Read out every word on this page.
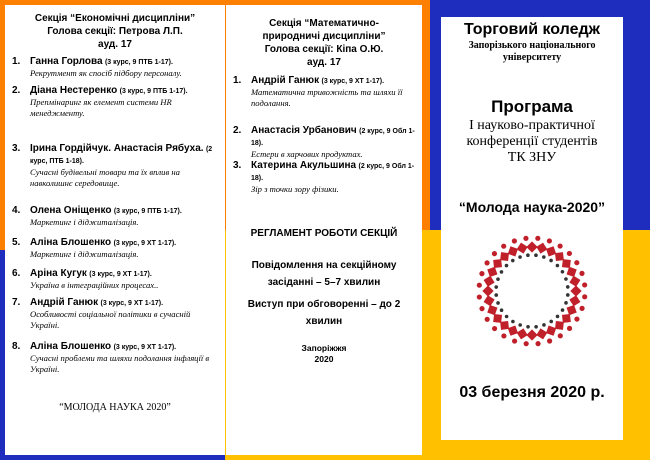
Секція “Економічні дисципліни”
Голова секції: Петрова Л.П.
ауд. 17
1. Ганна Горлова (3 курс, 9 ПТБ 1-17).
Рекрутмент як спосіб підбору персоналу.
2. Діана Нестеренко (3 курс, 9 ПТБ 1-17).
Препмінаринг як елемент системи HR менеджменту.
3. Ірина Гордійчук. Анастасія Рябуха. (2 курс, ПТБ 1-18).
Сучасні будівельні товари та їх вплив на навколишнє середовище.
4. Олена Оніщенко (3 курс, 9 ПТБ 1-17).
Маркетинг і діджиталізація.
5. Аліна Блошенко (3 курс, 9 ХТ 1-17).
Маркетинг і діджиталізація.
6. Аріна Кугук (3 курс, 9 ХТ 1-17).
Україна в інтеграційних процесах..
7. Андрій Ганюк (3 курс, 9 ХТ 1-17).
Особливості соціальної політики в сучасній Україні.
8. Аліна Блошенко (3 курс, 9 ХТ 1-17).
Сучасні проблеми та шляхи подолання інфляції в Україні.
“МОЛОДА НАУКА 2020”
Секція “Математично-природничі дисципліни”
Голова секції: Кіпа О.Ю.
ауд. 17
1. Андрій Ганюк (3 курс, 9 ХТ 1-17).
Математична тривожність та шляхи її подолання.
2. Анастасія Урбанович (2 курс, 9 Обл 1-18).
Естери в харчових продуктах.
3. Катерина Акульшина (2 курс, 9 Обл 1-18).
Зір з точки зору фізики.
РЕГЛАМЕНТ РОБОТИ СЕКЦІЙ
Повідомлення на секційному засіданні – 5–7 хвилин
Виступ при обговоренні – до 2 хвилин
Запоріжжя
2020
Торговий коледж
Запорізького національного університету
Програма
I науково-практичної конференції студентів ТК ЗНУ
“Молода наука-2020”
03 березня 2020 р.
